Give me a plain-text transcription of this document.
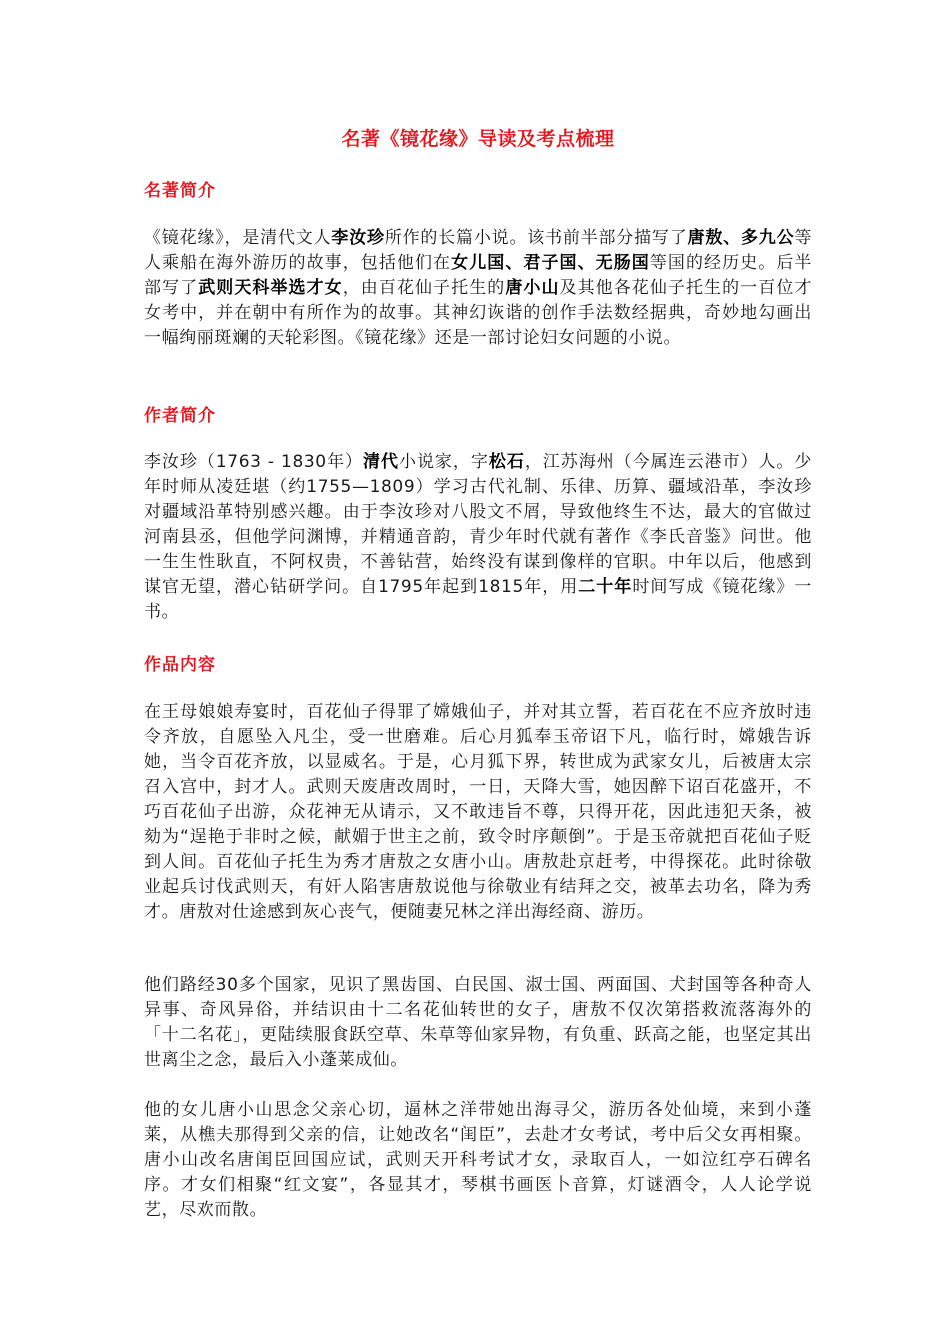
名著《镜花缘》导读及考点梳理
名著简介

《镜花缘》，是清代文人李汝珍所作的长篇小说。该书前半部分描写了唐敖、多九公等人乘船在海外游历的故事，包括他们在女儿国、君子国、无肠国等国的经历史。后半部写了武则天科举选才女，由百花仙子托生的唐小山及其他各花仙子托生的一百位才女考中，并在朝中有所作为的故事。其神幻诙谐的创作手法数经据典，奇妙地勾画出一幅绚丽斑斓的天轮彩图。《镜花缘》还是一部讨论妇女问题的小说。

作者简介

李汝珍（1763 - 1830年）清代小说家，字松石，江苏海州（今属连云港市）人。少年时师从凌廷堪（约1755—1809）学习古代礼制、乐律、历算、疆域沿革，李汝珍对疆域沿革特别感兴趣。由于李汝珍对八股文不屑，导致他终生不达，最大的官做过河南县丞，但他学问渊博，并精通音韵，青少年时代就有著作《李氏音鉴》问世。他一生生性耿直，不阿权贵，不善钻营，始终没有谋到像样的官职。中年以后，他感到谋官无望，潜心钻研学问。自1795年起到1815年，用二十年时间写成《镜花缘》一书。

作品内容

在王母娘娘寿宴时，百花仙子得罪了嫦娥仙子，并对其立誓，若百花在不应齐放时违令齐放，自愿坠入凡尘，受一世磨难。后心月狐奉玉帝诏下凡，临行时，嫦娥告诉她，当令百花齐放，以显威名。于是，心月狐下界，转世成为武家女儿，后被唐太宗召入宫中，封才人。武则天废唐改周时，一日，天降大雪，她因醉下诏百花盛开，不巧百花仙子出游，众花神无从请示，又不敢违旨不尊，只得开花，因此违犯天条，被劾为“逞艳于非时之候，献媚于世主之前，致令时序颠倒”。于是玉帝就把百花仙子贬到人间。百花仙子托生为秀才唐敖之女唐小山。唐敖赴京赶考，中得探花。此时徐敬业起兵讨伐武则天，有奸人陷害唐敖说他与徐敬业有结拜之交，被革去功名，降为秀才。唐敖对仕途感到灰心丧气，便随妻兄林之洋出海经商、游历。

他们路经30多个国家，见识了黑齿国、白民国、淑士国、两面国、犬封国等各种奇人异事、奇风异俗，并结识由十二名花仙转世的女子，唐敖不仅次第搭救流落海外的「十二名花」，更陆续服食跃空草、朱草等仙家异物，有负重、跃高之能，也坚定其出世离尘之念，最后入小蓬莱成仙。

他的女儿唐小山思念父亲心切，逼林之洋带她出海寻父，游历各处仙境，来到小蓬莱，从樵夫那得到父亲的信，让她改名“闺臣”，去赴才女考试，考中后父女再相聚。唐小山改名唐闺臣回国应试，武则天开科考试才女，录取百人，一如泣红亭石碑名序。才女们相聚“红文宴”，各显其才，琴棋书画医卜音算，灯谜酒令，人人论学说艺，尽欢而散。
